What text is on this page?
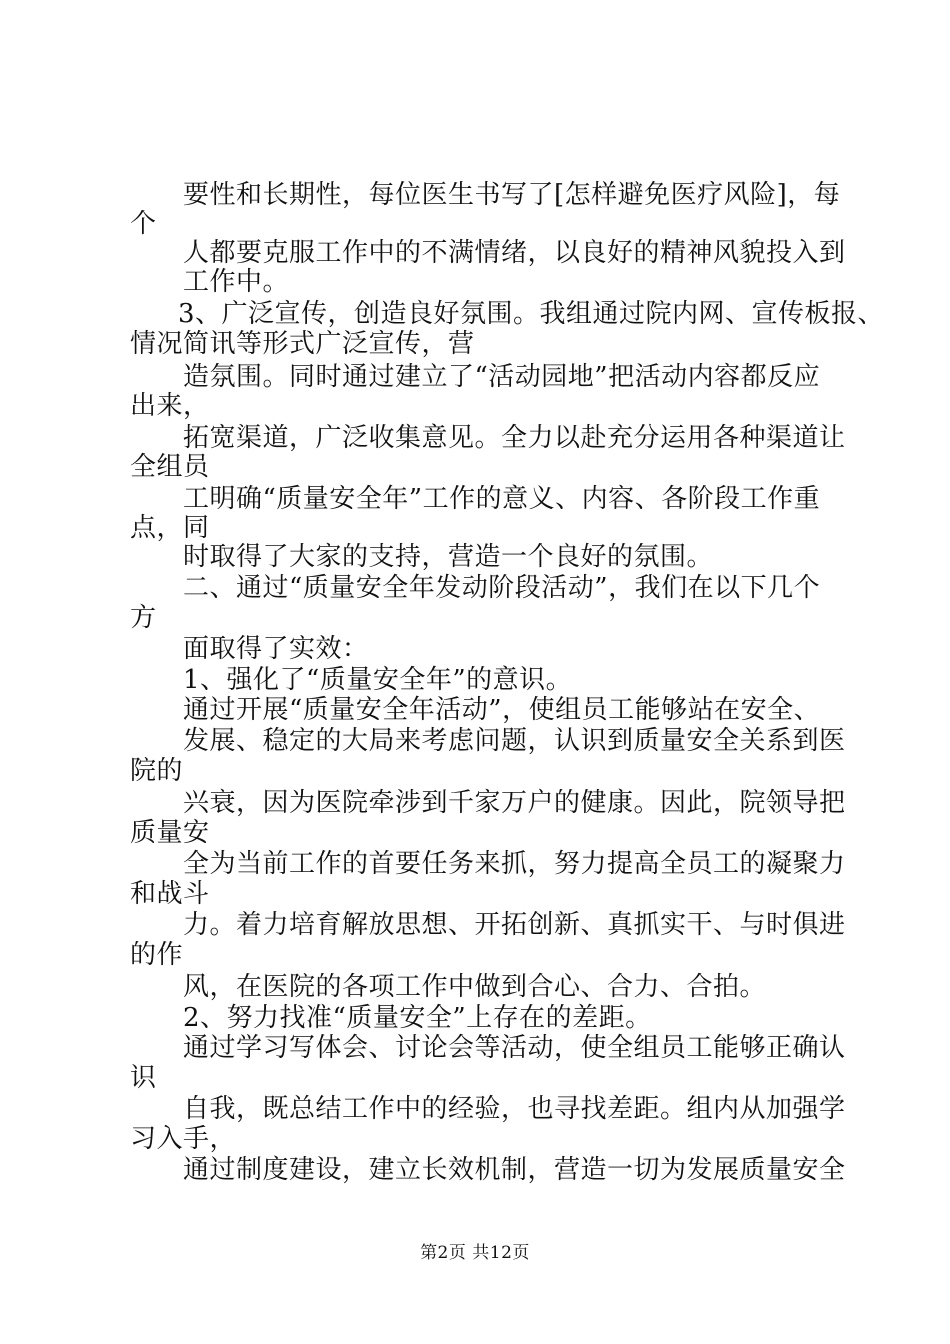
要性和长期性，每位医生书写了[怎样避免医疗风险]，每
个
人都要克服工作中的不满情绪，以良好的精神风貌投入到
工作中。
3、广泛宣传，创造良好氛围。我组通过院内网、宣传板报、
情况简讯等形式广泛宣传，营
造氛围。同时通过建立了“活动园地”把活动内容都反应
出来，
拓宽渠道，广泛收集意见。全力以赴充分运用各种渠道让
全组员
工明确“质量安全年”工作的意义、内容、各阶段工作重
点，同
时取得了大家的支持，营造一个良好的氛围。
二、通过“质量安全年发动阶段活动”，我们在以下几个
方
面取得了实效：
1、强化了“质量安全年”的意识。
通过开展“质量安全年活动”，使组员工能够站在安全、
发展、稳定的大局来考虑问题，认识到质量安全关系到医
院的
兴衰，因为医院牵涉到千家万户的健康。因此，院领导把
质量安
全为当前工作的首要任务来抓，努力提高全员工的凝聚力
和战斗
力。着力培育解放思想、开拓创新、真抓实干、与时俱进
的作
风，在医院的各项工作中做到合心、合力、合拍。
2、努力找准“质量安全”上存在的差距。
通过学习写体会、讨论会等活动，使全组员工能够正确认
识
自我，既总结工作中的经验，也寻找差距。组内从加强学
习入手，
通过制度建设，建立长效机制，营造一切为发展质量安全
第2页 共12页
